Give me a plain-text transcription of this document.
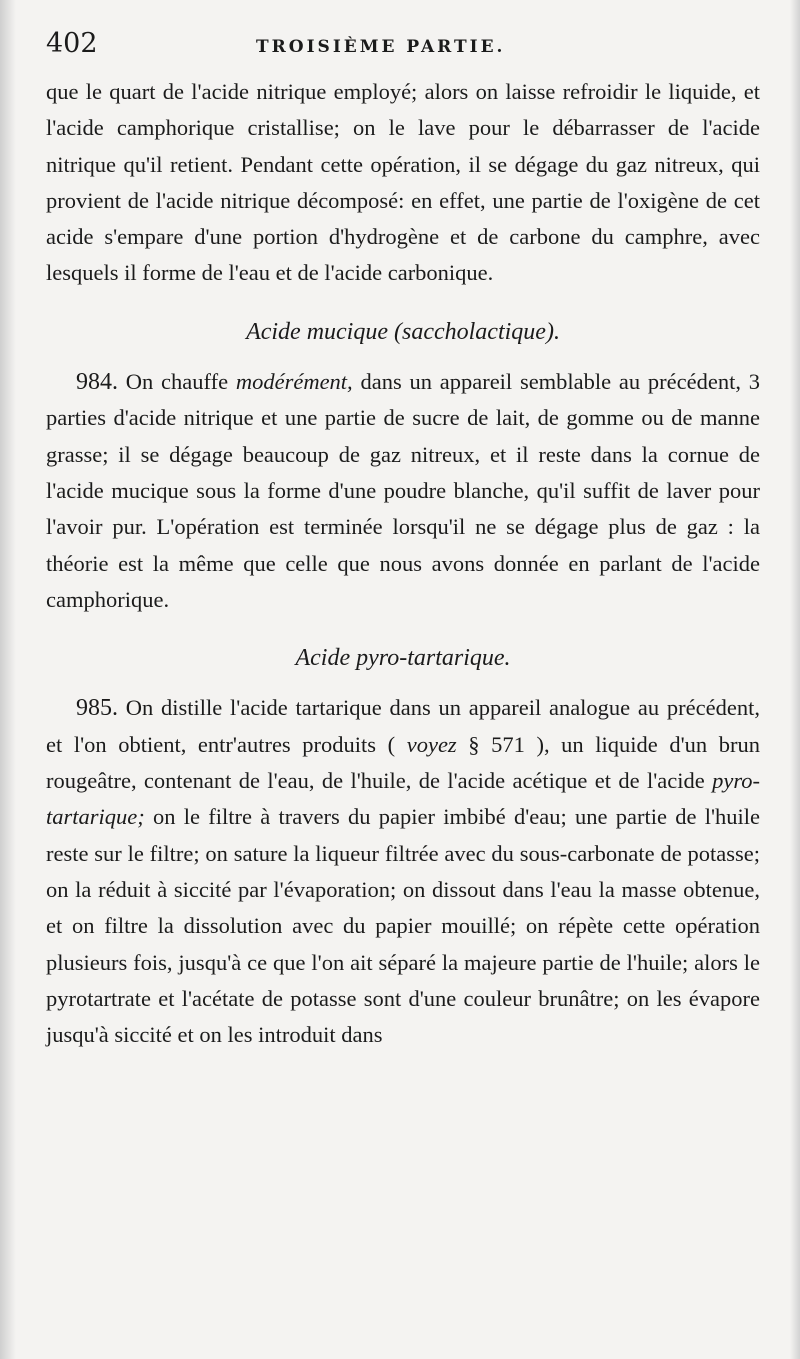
402	TROISIÈME PARTIE.

que le quart de l'acide nitrique employé; alors on laisse refroidir le liquide, et l'acide camphorique cristallise; on le lave pour le débarrasser de l'acide nitrique qu'il retient. Pendant cette opération, il se dégage du gaz nitreux, qui provient de l'acide nitrique décomposé: en effet, une partie de l'oxigène de cet acide s'empare d'une portion d'hydrogène et de carbone du camphre, avec lesquels il forme de l'eau et de l'acide carbonique.

Acide mucique (saccholactique).

984. On chauffe modérément, dans un appareil semblable au précédent, 3 parties d'acide nitrique et une partie de sucre de lait, de gomme ou de manne grasse; il se dégage beaucoup de gaz nitreux, et il reste dans la cornue de l'acide mucique sous la forme d'une poudre blanche, qu'il suffit de laver pour l'avoir pur. L'opération est terminée lorsqu'il ne se dégage plus de gaz : la théorie est la même que celle que nous avons donnée en parlant de l'acide camphorique.

Acide pyro-tartarique.

985. On distille l'acide tartarique dans un appareil analogue au précédent, et l'on obtient, entr'autres produits ( voyez § 571 ), un liquide d'un brun rougeâtre, contenant de l'eau, de l'huile, de l'acide acétique et de l'acide pyro-tartarique; on le filtre à travers du papier imbibé d'eau; une partie de l'huile reste sur le filtre; on sature la liqueur filtrée avec du sous-carbonate de potasse; on la réduit à siccité par l'évaporation; on dissout dans l'eau la masse obtenue, et on filtre la dissolution avec du papier mouillé; on répète cette opération plusieurs fois, jusqu'à ce que l'on ait séparé la majeure partie de l'huile; alors le pyrotartrate et l'acétate de potasse sont d'une couleur brunâtre; on les évapore jusqu'à siccité et on les introduit dans
